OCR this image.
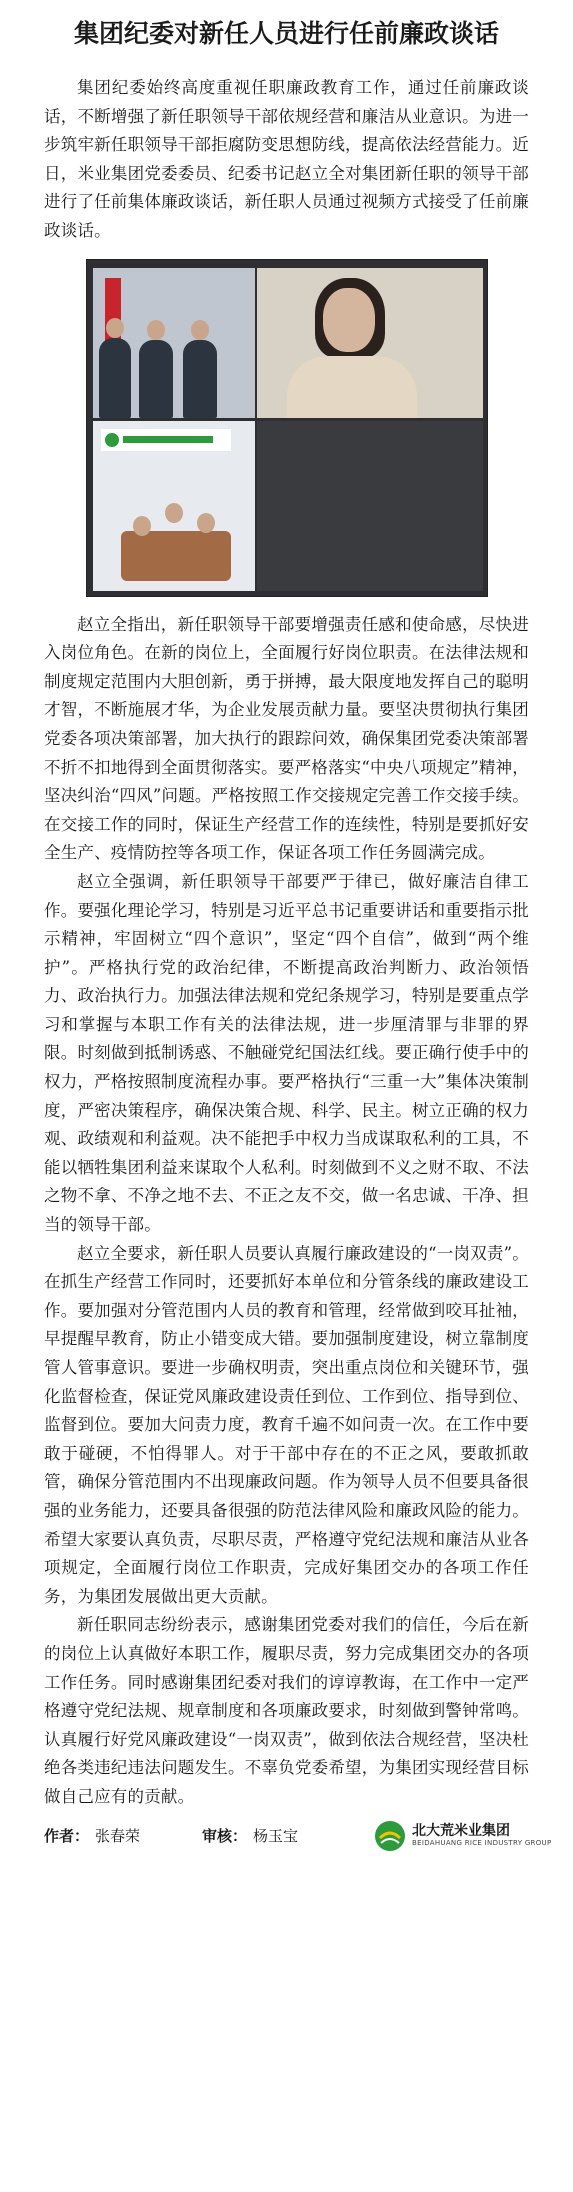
集团纪委对新任人员进行任前廉政谈话

集团纪委始终高度重视任职廉政教育工作，通过任前廉政谈话，不断增强了新任职领导干部依规经营和廉洁从业意识。为进一步筑牢新任职领导干部拒腐防变思想防线，提高依法经营能力。近日，米业集团党委委员、纪委书记赵立全对集团新任职的领导干部进行了任前集体廉政谈话，新任职人员通过视频方式接受了任前廉政谈话。

赵立全指出，新任职领导干部要增强责任感和使命感，尽快进入岗位角色。在新的岗位上，全面履行好岗位职责。在法律法规和制度规定范围内大胆创新，勇于拼搏，最大限度地发挥自己的聪明才智，不断施展才华，为企业发展贡献力量。要坚决贯彻执行集团党委各项决策部署，加大执行的跟踪问效，确保集团党委决策部署不折不扣地得到全面贯彻落实。要严格落实“中央八项规定”精神，坚决纠治“四风”问题。严格按照工作交接规定完善工作交接手续。在交接工作的同时，保证生产经营工作的连续性，特别是要抓好安全生产、疫情防控等各项工作，保证各项工作任务圆满完成。

赵立全强调，新任职领导干部要严于律已，做好廉洁自律工作。要强化理论学习，特别是习近平总书记重要讲话和重要指示批示精神，牢固树立“四个意识”，坚定“四个自信”，做到“两个维护”。严格执行党的政治纪律，不断提高政治判断力、政治领悟力、政治执行力。加强法律法规和党纪条规学习，特别是要重点学习和掌握与本职工作有关的法律法规，进一步厘清罪与非罪的界限。时刻做到抵制诱惑、不触碰党纪国法红线。要正确行使手中的权力，严格按照制度流程办事。要严格执行“三重一大”集体决策制度，严密决策程序，确保决策合规、科学、民主。树立正确的权力观、政绩观和利益观。决不能把手中权力当成谋取私利的工具，不能以牺牲集团利益来谋取个人私利。时刻做到不义之财不取、不法之物不拿、不净之地不去、不正之友不交，做一名忠诚、干净、担当的领导干部。

赵立全要求，新任职人员要认真履行廉政建设的“一岗双责”。在抓生产经营工作同时，还要抓好本单位和分管条线的廉政建设工作。要加强对分管范围内人员的教育和管理，经常做到咬耳扯袖，早提醒早教育，防止小错变成大错。要加强制度建设，树立靠制度管人管事意识。要进一步确权明责，突出重点岗位和关键环节，强化监督检查，保证党风廉政建设责任到位、工作到位、指导到位、监督到位。要加大问责力度，教育千遍不如问责一次。在工作中要敢于碰硬，不怕得罪人。对于干部中存在的不正之风，要敢抓敢管，确保分管范围内不出现廉政问题。作为领导人员不但要具备很强的业务能力，还要具备很强的防范法律风险和廉政风险的能力。希望大家要认真负责，尽职尽责，严格遵守党纪法规和廉洁从业各项规定，全面履行岗位工作职责，完成好集团交办的各项工作任务，为集团发展做出更大贡献。

新任职同志纷纷表示，感谢集团党委对我们的信任，今后在新的岗位上认真做好本职工作，履职尽责，努力完成集团交办的各项工作任务。同时感谢集团纪委对我们的谆谆教诲，在工作中一定严格遵守党纪法规、规章制度和各项廉政要求，时刻做到警钟常鸣。认真履行好党风廉政建设“一岗双责”，做到依法合规经营，坚决杜绝各类违纪违法问题发生。不辜负党委希望，为集团实现经营目标做自己应有的贡献。

作者： 张春荣	审核： 杨玉宝	北大荒米业集团
BEIDAHUANG RICE INDUSTRY GROUP
